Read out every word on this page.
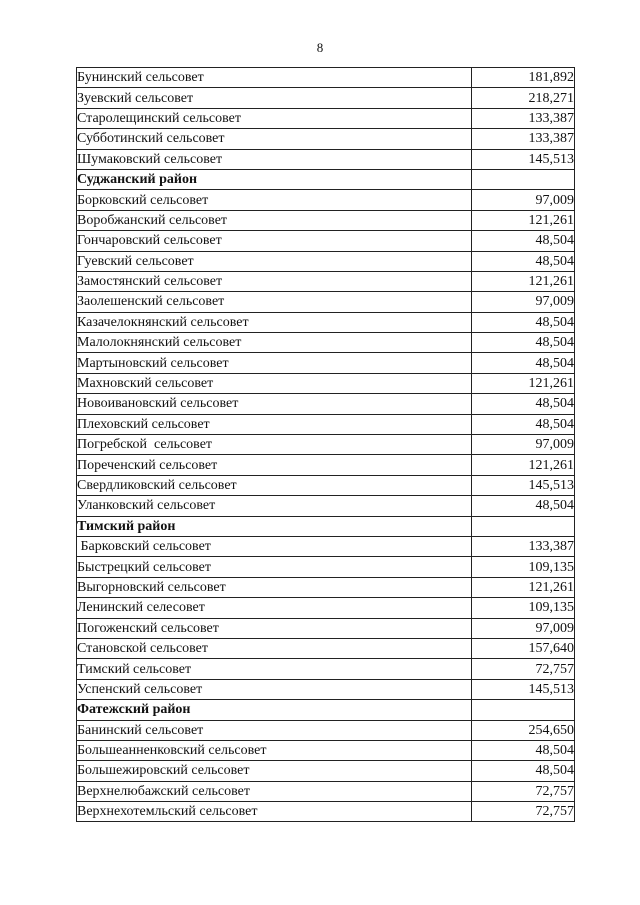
8
Бунинский сельсовет	181,892
Зуевский сельсовет	218,271
Старолещинский сельсовет	133,387
Субботинский сельсовет	133,387
Шумаковский сельсовет	145,513
Суджанский район	
Борковский сельсовет	97,009
Воробжанский сельсовет	121,261
Гончаровский сельсовет	48,504
Гуевский сельсовет	48,504
Замостянский сельсовет	121,261
Заолешенский сельсовет	97,009
Казачелокнянский сельсовет	48,504
Малолокнянский сельсовет	48,504
Мартыновский сельсовет	48,504
Махновский сельсовет	121,261
Новоивановский сельсовет	48,504
Плеховский сельсовет	48,504
Погребской  сельсовет	97,009
Пореченский сельсовет	121,261
Свердликовский сельсовет	145,513
Уланковский сельсовет	48,504
Тимский район	
Барковский сельсовет	133,387
Быстрецкий сельсовет	109,135
Выгорновский сельсовет	121,261
Ленинский селесовет	109,135
Погоженский сельсовет	97,009
Становской сельсовет	157,640
Тимский сельсовет	72,757
Успенский сельсовет	145,513
Фатежский район	
Банинский сельсовет	254,650
Большеанненковский сельсовет	48,504
Большежировский сельсовет	48,504
Верхнелюбажский сельсовет	72,757
Верхнехотемльский сельсовет	72,757
